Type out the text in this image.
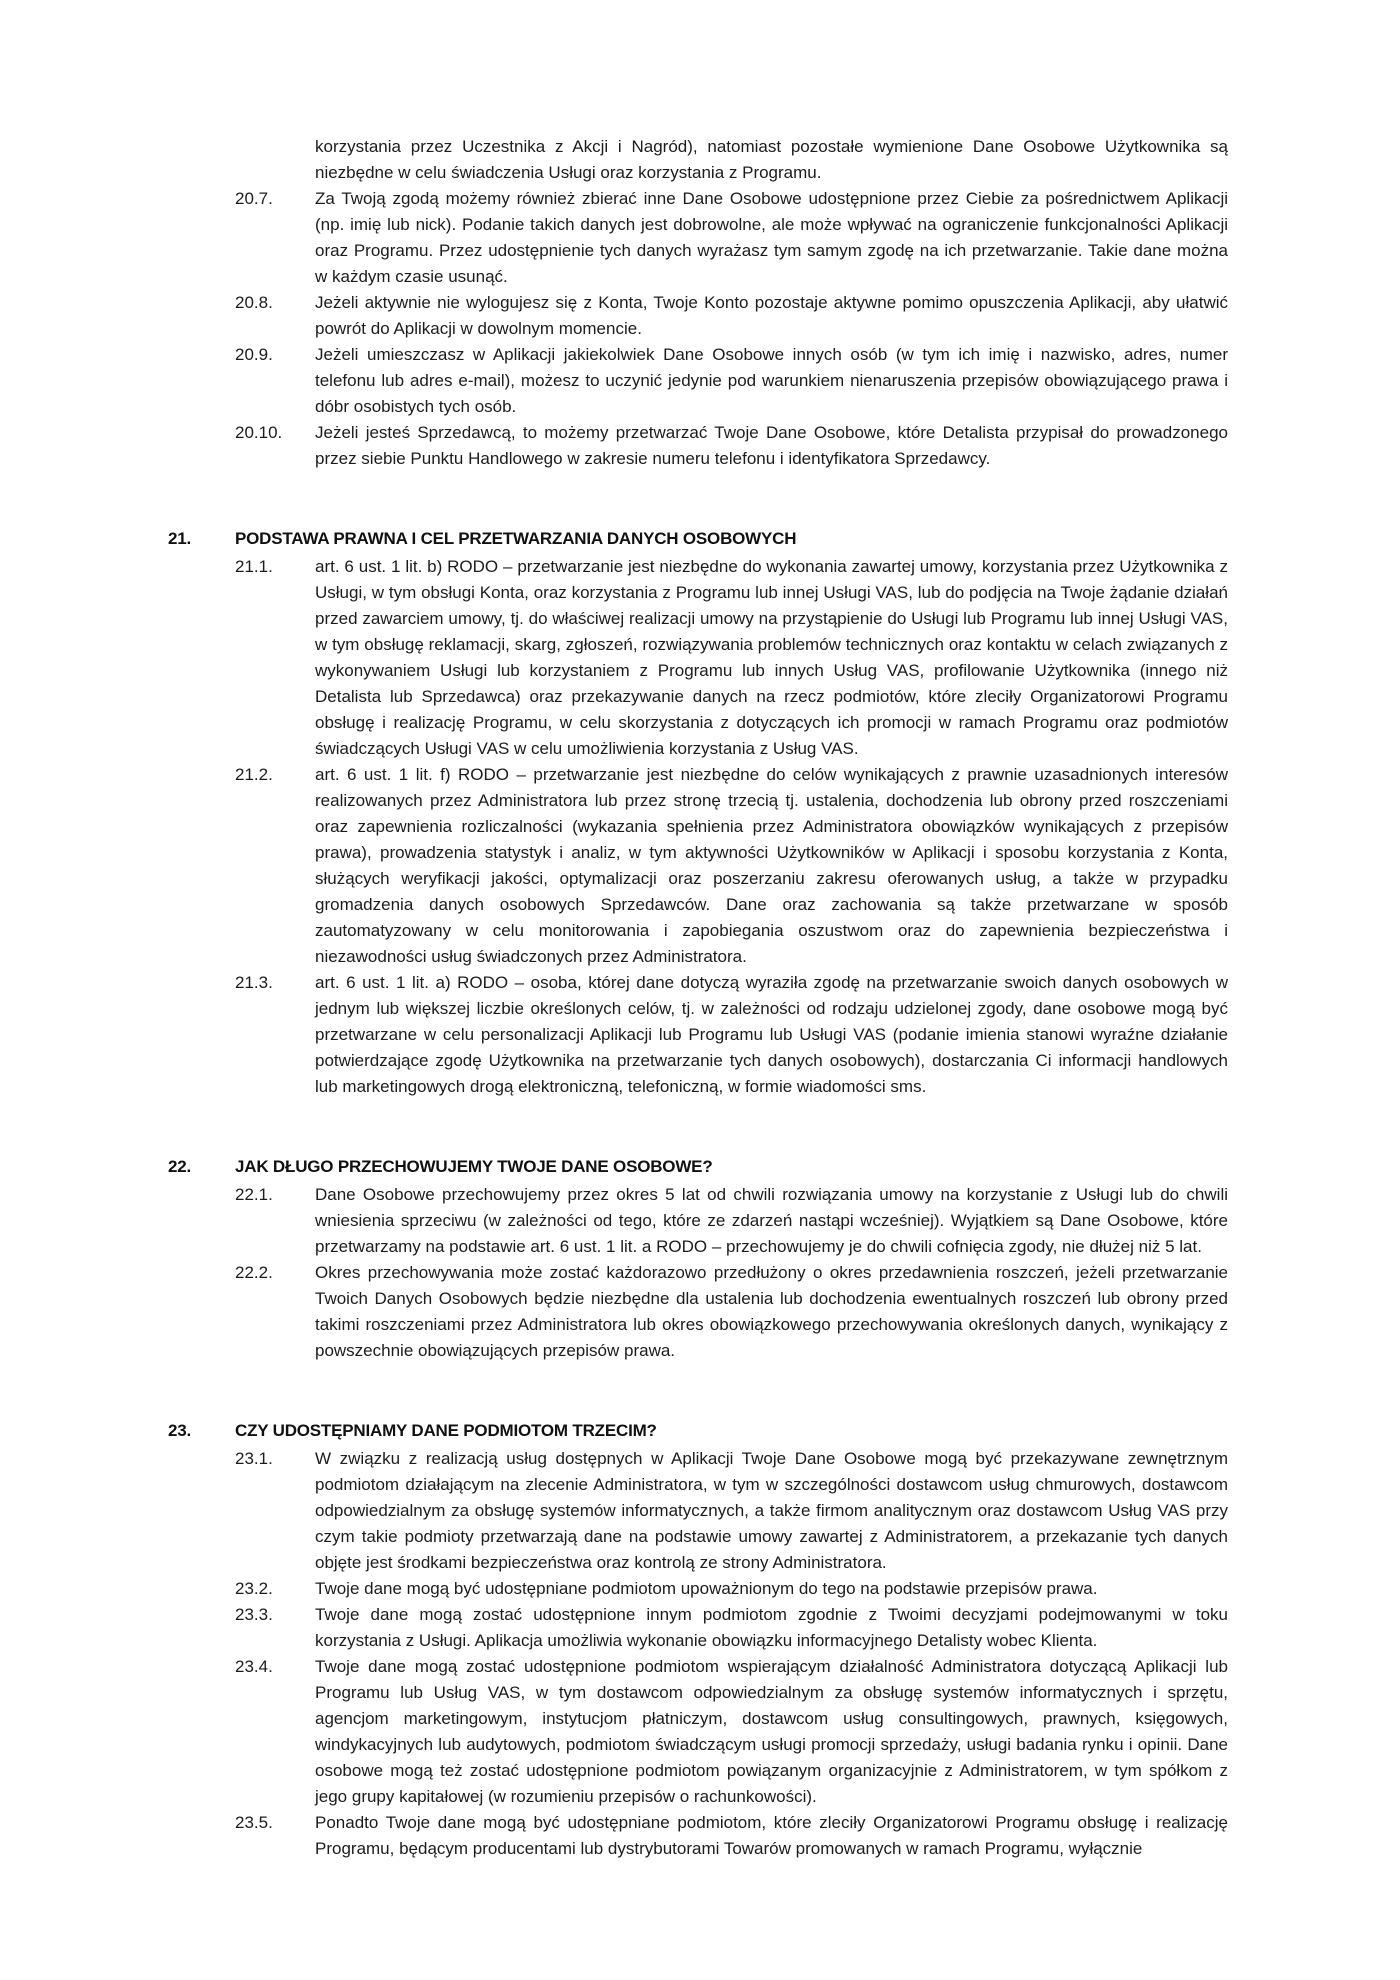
korzystania przez Uczestnika z Akcji i Nagród), natomiast pozostałe wymienione Dane Osobowe Użytkownika są niezbędne w celu świadczenia Usługi oraz korzystania z Programu.
20.7.	Za Twoją zgodą możemy również zbierać inne Dane Osobowe udostępnione przez Ciebie za pośrednictwem Aplikacji (np. imię lub nick). Podanie takich danych jest dobrowolne, ale może wpływać na ograniczenie funkcjonalności Aplikacji oraz Programu. Przez udostępnienie tych danych wyrażasz tym samym zgodę na ich przetwarzanie. Takie dane można w każdym czasie usunąć.
20.8.	Jeżeli aktywnie nie wylogujesz się z Konta, Twoje Konto pozostaje aktywne pomimo opuszczenia Aplikacji, aby ułatwić powrót do Aplikacji w dowolnym momencie.
20.9.	Jeżeli umieszczasz w Aplikacji jakiekolwiek Dane Osobowe innych osób (w tym ich imię i nazwisko, adres, numer telefonu lub adres e-mail), możesz to uczynić jedynie pod warunkiem nienaruszenia przepisów obowiązującego prawa i dóbr osobistych tych osób.
20.10.	Jeżeli jesteś Sprzedawcą, to możemy przetwarzać Twoje Dane Osobowe, które Detalista przypisał do prowadzonego przez siebie Punktu Handlowego w zakresie numeru telefonu i identyfikatora Sprzedawcy.
21.	PODSTAWA PRAWNA I CEL PRZETWARZANIA DANYCH OSOBOWYCH
21.1.	art. 6 ust. 1 lit. b) RODO – przetwarzanie jest niezbędne do wykonania zawartej umowy, korzystania przez Użytkownika z Usługi, w tym obsługi Konta, oraz korzystania z Programu lub innej Usługi VAS, lub do podjęcia na Twoje żądanie działań przed zawarciem umowy, tj. do właściwej realizacji umowy na przystąpienie do Usługi lub Programu lub innej Usługi VAS, w tym obsługę reklamacji, skarg, zgłoszeń, rozwiązywania problemów technicznych oraz kontaktu w celach związanych z wykonywaniem Usługi lub korzystaniem z Programu lub innych Usług VAS, profilowanie Użytkownika (innego niż Detalista lub Sprzedawca) oraz przekazywanie danych na rzecz podmiotów, które zleciły Organizatorowi Programu obsługę i realizację Programu, w celu skorzystania z dotyczących ich promocji w ramach Programu oraz podmiotów świadczących Usługi VAS w celu umożliwienia korzystania z Usług VAS.
21.2.	art. 6 ust. 1 lit. f) RODO – przetwarzanie jest niezbędne do celów wynikających z prawnie uzasadnionych interesów realizowanych przez Administratora lub przez stronę trzecią tj. ustalenia, dochodzenia lub obrony przed roszczeniami oraz zapewnienia rozliczalności (wykazania spełnienia przez Administratora obowiązków wynikających z przepisów prawa), prowadzenia statystyk i analiz, w tym aktywności Użytkowników w Aplikacji i sposobu korzystania z Konta, służących weryfikacji jakości, optymalizacji oraz poszerzaniu zakresu oferowanych usług, a także w przypadku gromadzenia danych osobowych Sprzedawców. Dane oraz zachowania są także przetwarzane w sposób zautomatyzowany w celu monitorowania i zapobiegania oszustwom oraz do zapewnienia bezpieczeństwa i niezawodności usług świadczonych przez Administratora.
21.3.	art. 6 ust. 1 lit. a) RODO – osoba, której dane dotyczą wyraziła zgodę na przetwarzanie swoich danych osobowych w jednym lub większej liczbie określonych celów, tj. w zależności od rodzaju udzielonej zgody, dane osobowe mogą być przetwarzane w celu personalizacji Aplikacji lub Programu lub Usługi VAS (podanie imienia stanowi wyraźne działanie potwierdzające zgodę Użytkownika na przetwarzanie tych danych osobowych), dostarczania Ci informacji handlowych lub marketingowych drogą elektroniczną, telefoniczną, w formie wiadomości sms.
22.	JAK DŁUGO PRZECHOWUJEMY TWOJE DANE OSOBOWE?
22.1.	Dane Osobowe przechowujemy przez okres 5 lat od chwili rozwiązania umowy na korzystanie z Usługi lub do chwili wniesienia sprzeciwu (w zależności od tego, które ze zdarzeń nastąpi wcześniej). Wyjątkiem są Dane Osobowe, które przetwarzamy na podstawie art. 6 ust. 1 lit. a RODO – przechowujemy je do chwili cofnięcia zgody, nie dłużej niż 5 lat.
22.2.	Okres przechowywania może zostać każdorazowo przedłużony o okres przedawnienia roszczeń, jeżeli przetwarzanie Twoich Danych Osobowych będzie niezbędne dla ustalenia lub dochodzenia ewentualnych roszczeń lub obrony przed takimi roszczeniami przez Administratora lub okres obowiązkowego przechowywania określonych danych, wynikający z powszechnie obowiązujących przepisów prawa.
23.	CZY UDOSTĘPNIAMY DANE PODMIOTOM TRZECIM?
23.1.	W związku z realizacją usług dostępnych w Aplikacji Twoje Dane Osobowe mogą być przekazywane zewnętrznym podmiotom działającym na zlecenie Administratora, w tym w szczególności dostawcom usług chmurowych, dostawcom odpowiedzialnym za obsługę systemów informatycznych, a także firmom analitycznym oraz dostawcom Usług VAS przy czym takie podmioty przetwarzają dane na podstawie umowy zawartej z Administratorem, a przekazanie tych danych objęte jest środkami bezpieczeństwa oraz kontrolą ze strony Administratora.
23.2.	Twoje dane mogą być udostępniane podmiotom upoważnionym do tego na podstawie przepisów prawa.
23.3.	Twoje dane mogą zostać udostępnione innym podmiotom zgodnie z Twoimi decyzjami podejmowanymi w toku korzystania z Usługi. Aplikacja umożliwia wykonanie obowiązku informacyjnego Detalisty wobec Klienta.
23.4.	Twoje dane mogą zostać udostępnione podmiotom wspierającym działalność Administratora dotyczącą Aplikacji lub Programu lub Usług VAS, w tym dostawcom odpowiedzialnym za obsługę systemów informatycznych i sprzętu, agencjom marketingowym, instytucjom płatniczym, dostawcom usług consultingowych, prawnych, księgowych, windykacyjnych lub audytowych, podmiotom świadczącym usługi promocji sprzedaży, usługi badania rynku i opinii. Dane osobowe mogą też zostać udostępnione podmiotom powiązanym organizacyjnie z Administratorem, w tym spółkom z jego grupy kapitałowej (w rozumieniu przepisów o rachunkowości).
23.5.	Ponadto Twoje dane mogą być udostępniane podmiotom, które zleciły Organizatorowi Programu obsługę i realizację Programu, będącym producentami lub dystrybutorami Towarów promowanych w ramach Programu, wyłącznie
